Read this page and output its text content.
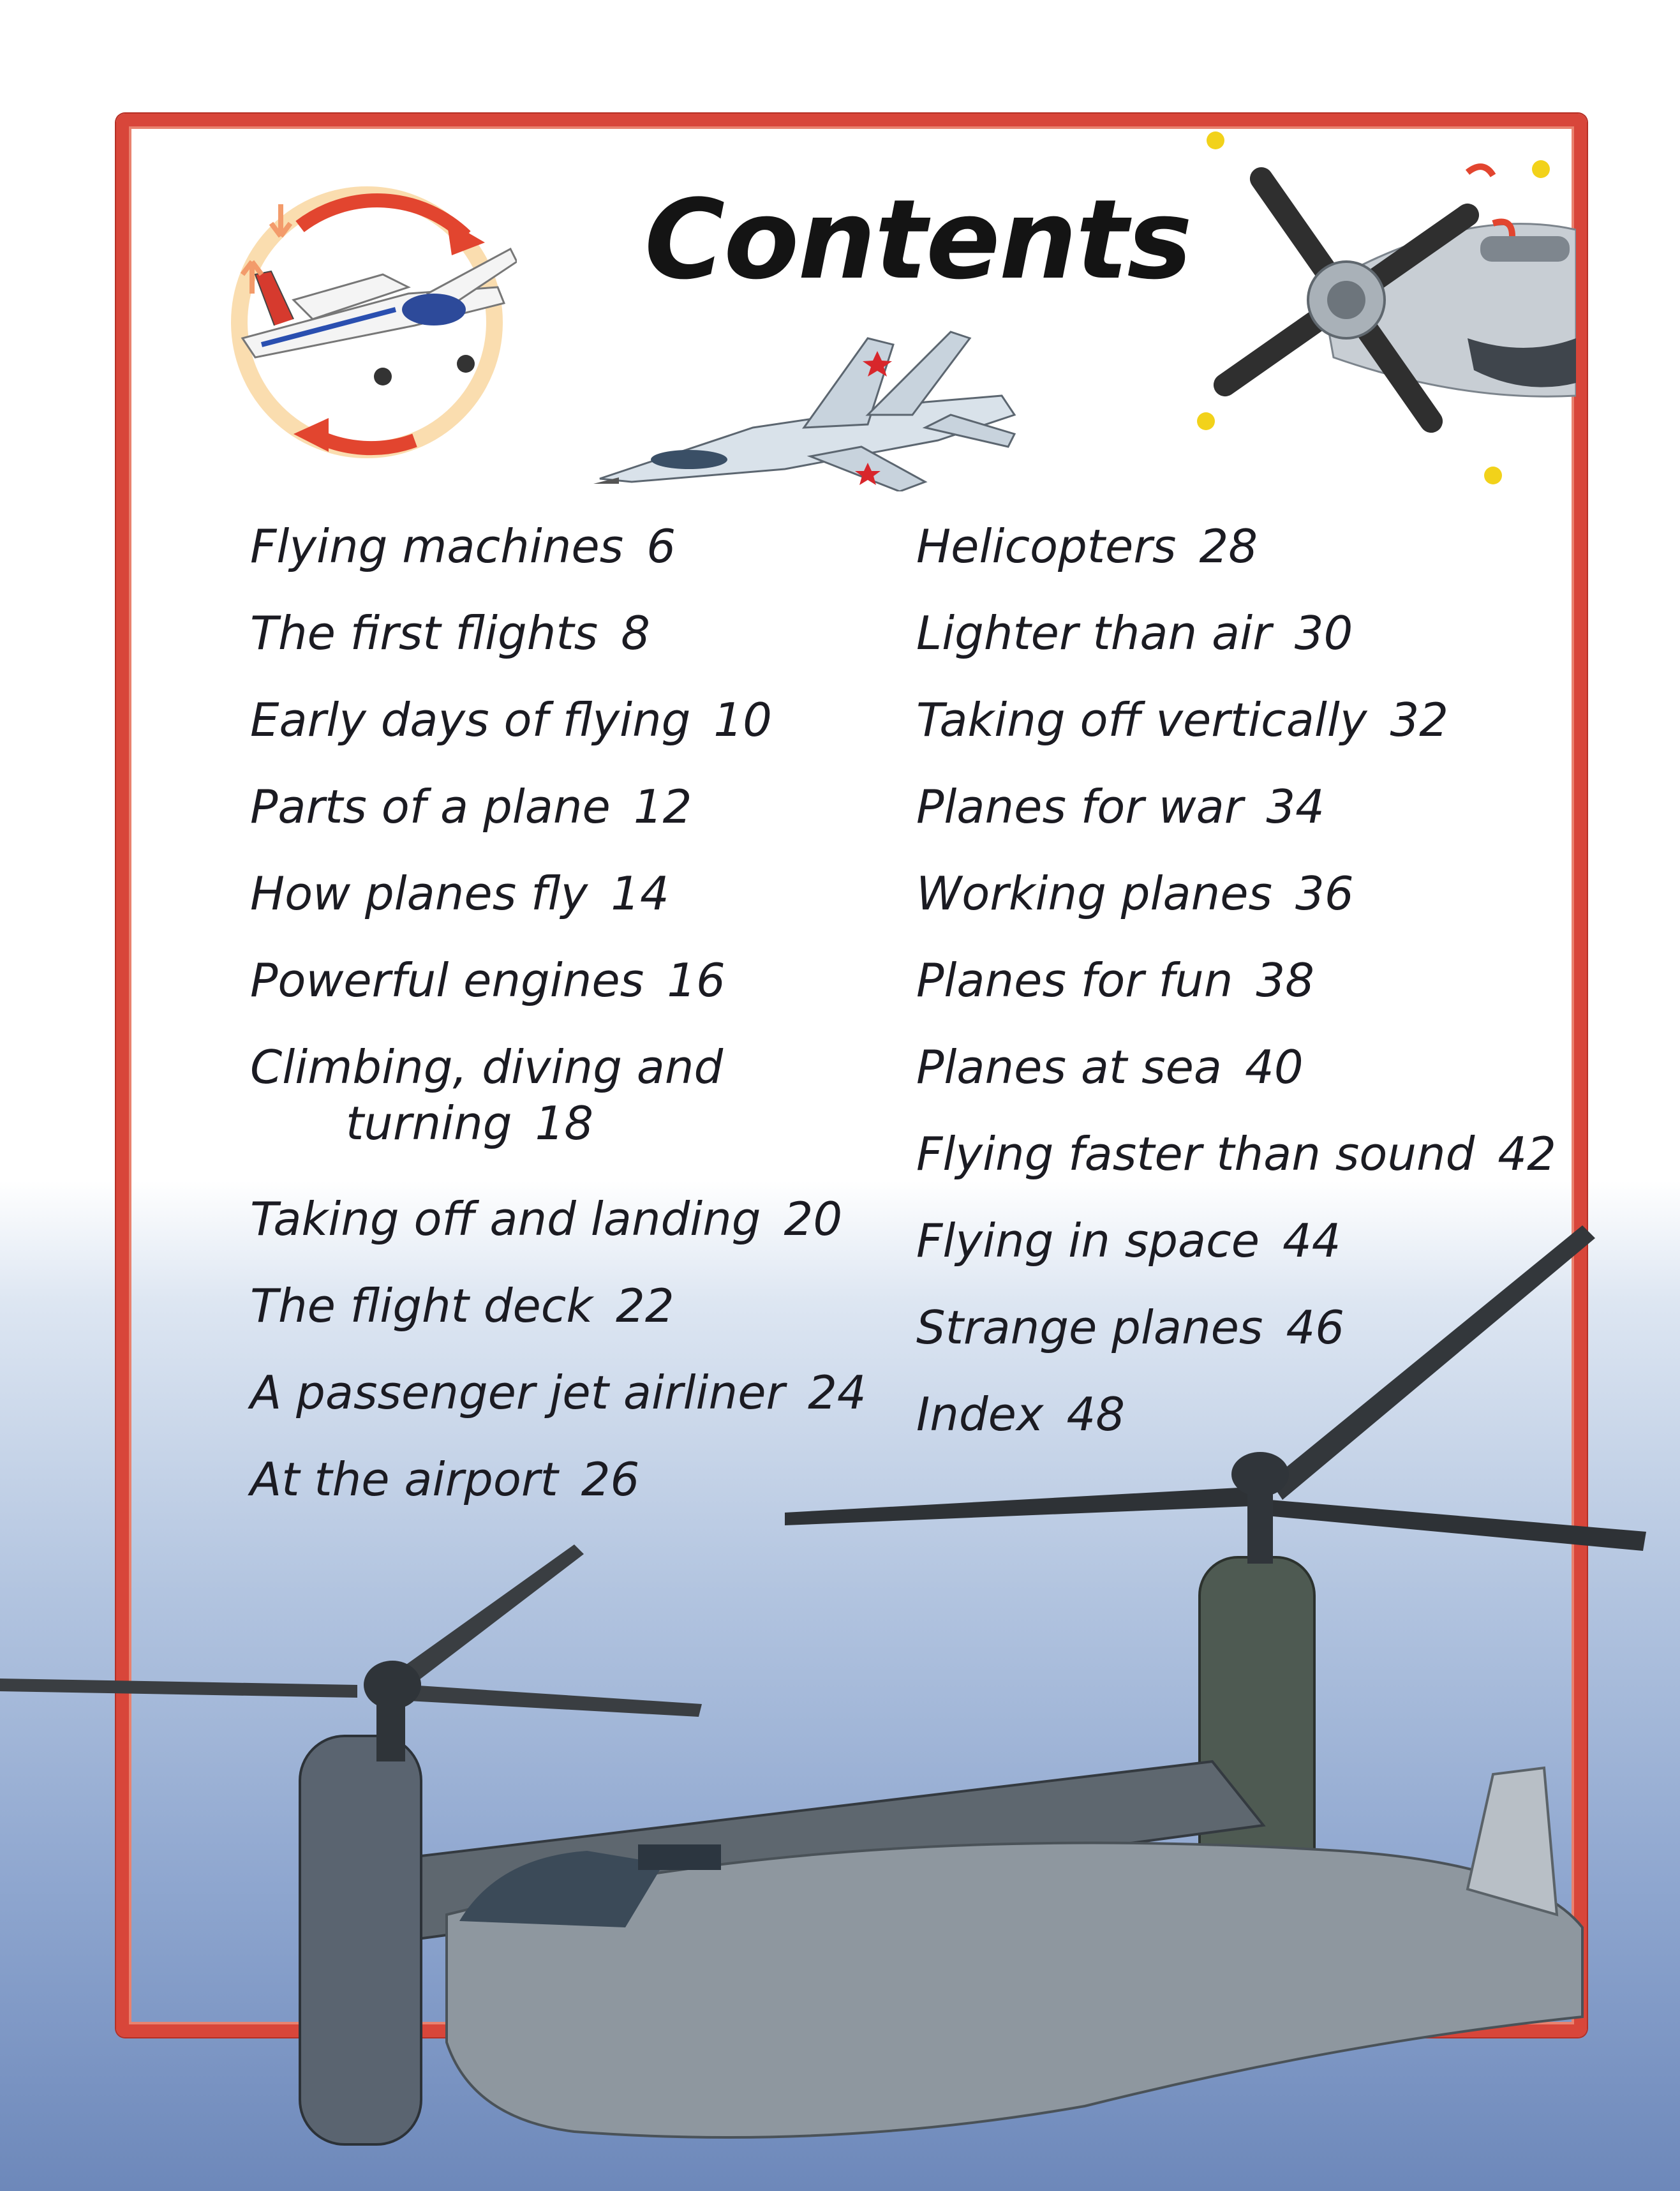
Contents
Flying machines 6
The first flights 8
Early days of flying 10
Parts of a plane 12
How planes fly 14
Powerful engines 16
Climbing, diving and
turning 18
Taking off and landing 20
The flight deck 22
A passenger jet airliner 24
At the airport 26
Helicopters 28
Lighter than air 30
Taking off vertically 32
Planes for war 34
Working planes 36
Planes for fun 38
Planes at sea 40
Flying faster than sound 42
Flying in space 44
Strange planes 46
Index 48
